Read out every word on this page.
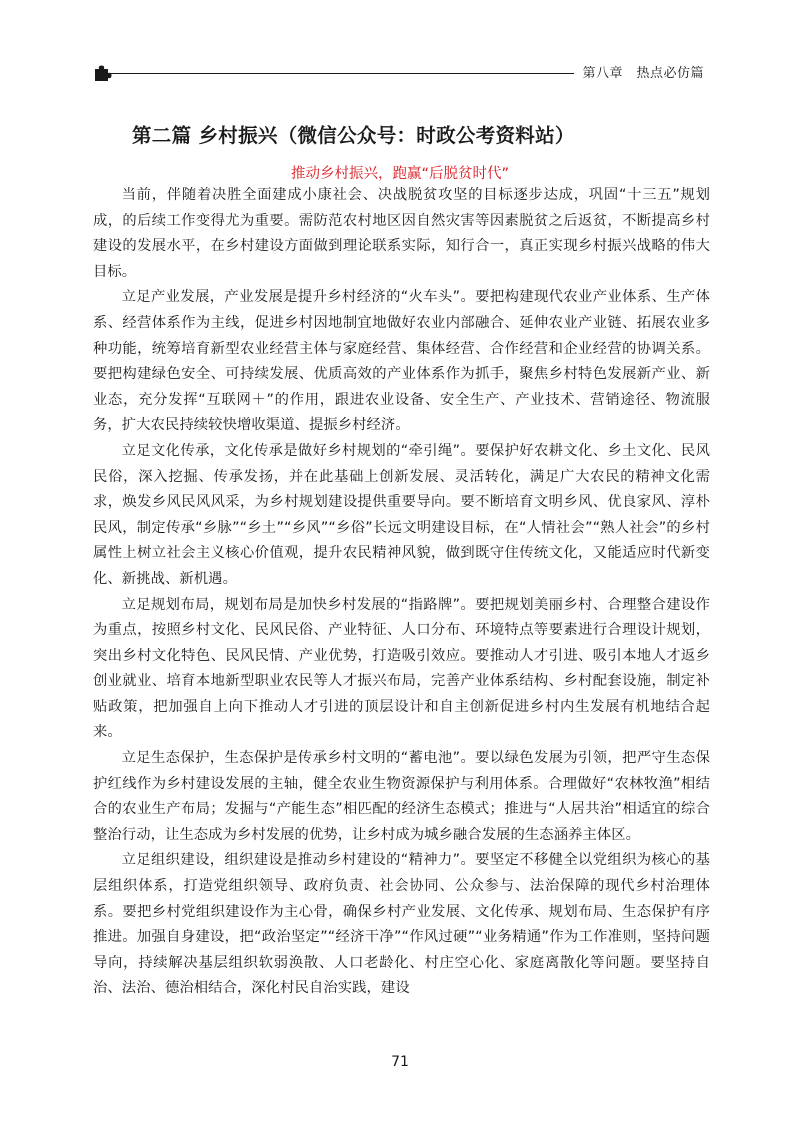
第八章　热点必仿篇
第二篇 乡村振兴（微信公众号：时政公考资料站）
推动乡村振兴，跑赢“后脱贫时代”

当前，伴随着决胜全面建成小康社会、决战脱贫攻坚的目标逐步达成，巩固“十三五”规划成，的后续工作变得尤为重要。需防范农村地区因自然灾害等因素脱贫之后返贫，不断提高乡村建设的发展水平，在乡村建设方面做到理论联系实际，知行合一，真正实现乡村振兴战略的伟大目标。

立足产业发展，产业发展是提升乡村经济的“火车头”。要把构建现代农业产业体系、生产体系、经营体系作为主线，促进乡村因地制宜地做好农业内部融合、延伸农业产业链、拓展农业多种功能，统筹培育新型农业经营主体与家庭经营、集体经营、合作经营和企业经营的协调关系。要把构建绿色安全、可持续发展、优质高效的产业体系作为抓手，聚焦乡村特色发展新产业、新业态，充分发挥“互联网＋”的作用，跟进农业设备、安全生产、产业技术、营销途径、物流服务，扩大农民持续较快增收渠道、提振乡村经济。

立足文化传承，文化传承是做好乡村规划的“牵引绳”。要保护好农耕文化、乡土文化、民风民俗，深入挖掘、传承发扬，并在此基础上创新发展、灵活转化，满足广大农民的精神文化需求，焕发乡风民风风采，为乡村规划建设提供重要导向。要不断培育文明乡风、优良家风、淳朴民风，制定传承“乡脉”“乡土”“乡风”“乡俗”长远文明建设目标，在“人情社会”“熟人社会”的乡村属性上树立社会主义核心价值观，提升农民精神风貌，做到既守住传统文化，又能适应时代新变化、新挑战、新机遇。

立足规划布局，规划布局是加快乡村发展的“指路牌”。要把规划美丽乡村、合理整合建设作为重点，按照乡村文化、民风民俗、产业特征、人口分布、环境特点等要素进行合理设计规划，突出乡村文化特色、民风民情、产业优势，打造吸引效应。要推动人才引进、吸引本地人才返乡创业就业、培育本地新型职业农民等人才振兴布局，完善产业体系结构、乡村配套设施，制定补贴政策，把加强自上向下推动人才引进的顶层设计和自主创新促进乡村内生发展有机地结合起来。

立足生态保护，生态保护是传承乡村文明的“蓄电池”。要以绿色发展为引领，把严守生态保护红线作为乡村建设发展的主轴，健全农业生物资源保护与利用体系。合理做好“农林牧渔”相结合的农业生产布局；发掘与“产能生态”相匹配的经济生态模式；推进与“人居共治”相适宜的综合整治行动，让生态成为乡村发展的优势，让乡村成为城乡融合发展的生态涵养主体区。

立足组织建设，组织建设是推动乡村建设的“精神力”。要坚定不移健全以党组织为核心的基层组织体系，打造党组织领导、政府负责、社会协同、公众参与、法治保障的现代乡村治理体系。要把乡村党组织建设作为主心骨，确保乡村产业发展、文化传承、规划布局、生态保护有序推进。加强自身建设，把“政治坚定”“经济干净”“作风过硬”“业务精通”作为工作准则，坚持问题导向，持续解决基层组织软弱涣散、人口老龄化、村庄空心化、家庭离散化等问题。要坚持自治、法治、德治相结合，深化村民自治实践，建设

71
